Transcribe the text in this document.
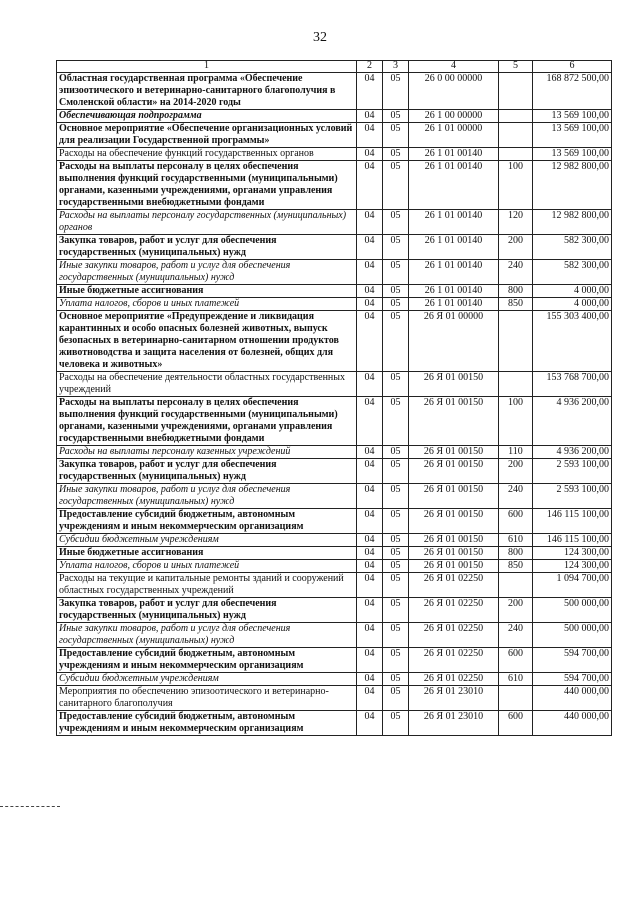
32
1	2	3	4	5	6
Областная государственная программа «Обеспечение эпизоотического и ветеринарно-санитарного благополучия в Смоленской области» на 2014-2020 годы	04	05	26 0 00 00000		168 872 500,00
Обеспечивающая подпрограмма	04	05	26 1 00 00000		13 569 100,00
Основное мероприятие «Обеспечение организационных условий для реализации Государственной программы»	04	05	26 1 01 00000		13 569 100,00
Расходы на обеспечение функций государственных органов	04	05	26 1 01 00140		13 569 100,00
Расходы на выплаты персоналу в целях обеспечения выполнения функций государственными (муниципальными) органами, казенными учреждениями, органами управления государственными внебюджетными фондами	04	05	26 1 01 00140	100	12 982 800,00
Расходы на выплаты персоналу государственных (муниципальных) органов	04	05	26 1 01 00140	120	12 982 800,00
Закупка товаров, работ и услуг для обеспечения государственных (муниципальных) нужд	04	05	26 1 01 00140	200	582 300,00
Иные закупки товаров, работ и услуг для обеспечения государственных (муниципальных) нужд	04	05	26 1 01 00140	240	582 300,00
Иные бюджетные ассигнования	04	05	26 1 01 00140	800	4 000,00
Уплата налогов, сборов и иных платежей	04	05	26 1 01 00140	850	4 000,00
Основное мероприятие «Предупреждение и ликвидация карантинных и особо опасных болезней животных, выпуск безопасных в ветеринарно-санитарном отношении продуктов животноводства и защита населения от болезней, общих для человека и животных»	04	05	26 Я 01 00000		155 303 400,00
Расходы на обеспечение деятельности областных государственных учреждений	04	05	26 Я 01 00150		153 768 700,00
Расходы на выплаты персоналу в целях обеспечения выполнения функций государственными (муниципальными) органами, казенными учреждениями, органами управления государственными внебюджетными фондами	04	05	26 Я 01 00150	100	4 936 200,00
Расходы на выплаты персоналу казенных учреждений	04	05	26 Я 01 00150	110	4 936 200,00
Закупка товаров, работ и услуг для обеспечения государственных (муниципальных) нужд	04	05	26 Я 01 00150	200	2 593 100,00
Иные закупки товаров, работ и услуг для обеспечения государственных (муниципальных) нужд	04	05	26 Я 01 00150	240	2 593 100,00
Предоставление субсидий бюджетным, автономным учреждениям и иным некоммерческим организациям	04	05	26 Я 01 00150	600	146 115 100,00
Субсидии бюджетным учреждениям	04	05	26 Я 01 00150	610	146 115 100,00
Иные бюджетные ассигнования	04	05	26 Я 01 00150	800	124 300,00
Уплата налогов, сборов и иных платежей	04	05	26 Я 01 00150	850	124 300,00
Расходы на текущие и капитальные ремонты зданий и сооружений областных государственных учреждений	04	05	26 Я 01 02250		1 094 700,00
Закупка товаров, работ и услуг для обеспечения государственных (муниципальных) нужд	04	05	26 Я 01 02250	200	500 000,00
Иные закупки товаров, работ и услуг для обеспечения государственных (муниципальных) нужд	04	05	26 Я 01 02250	240	500 000,00
Предоставление субсидий бюджетным, автономным учреждениям и иным некоммерческим организациям	04	05	26 Я 01 02250	600	594 700,00
Субсидии бюджетным учреждениям	04	05	26 Я 01 02250	610	594 700,00
Мероприятия по обеспечению эпизоотического и ветеринарно-санитарного благополучия	04	05	26 Я 01 23010		440 000,00
Предоставление субсидий бюджетным, автономным учреждениям и иным некоммерческим организациям	04	05	26 Я 01 23010	600	440 000,00
